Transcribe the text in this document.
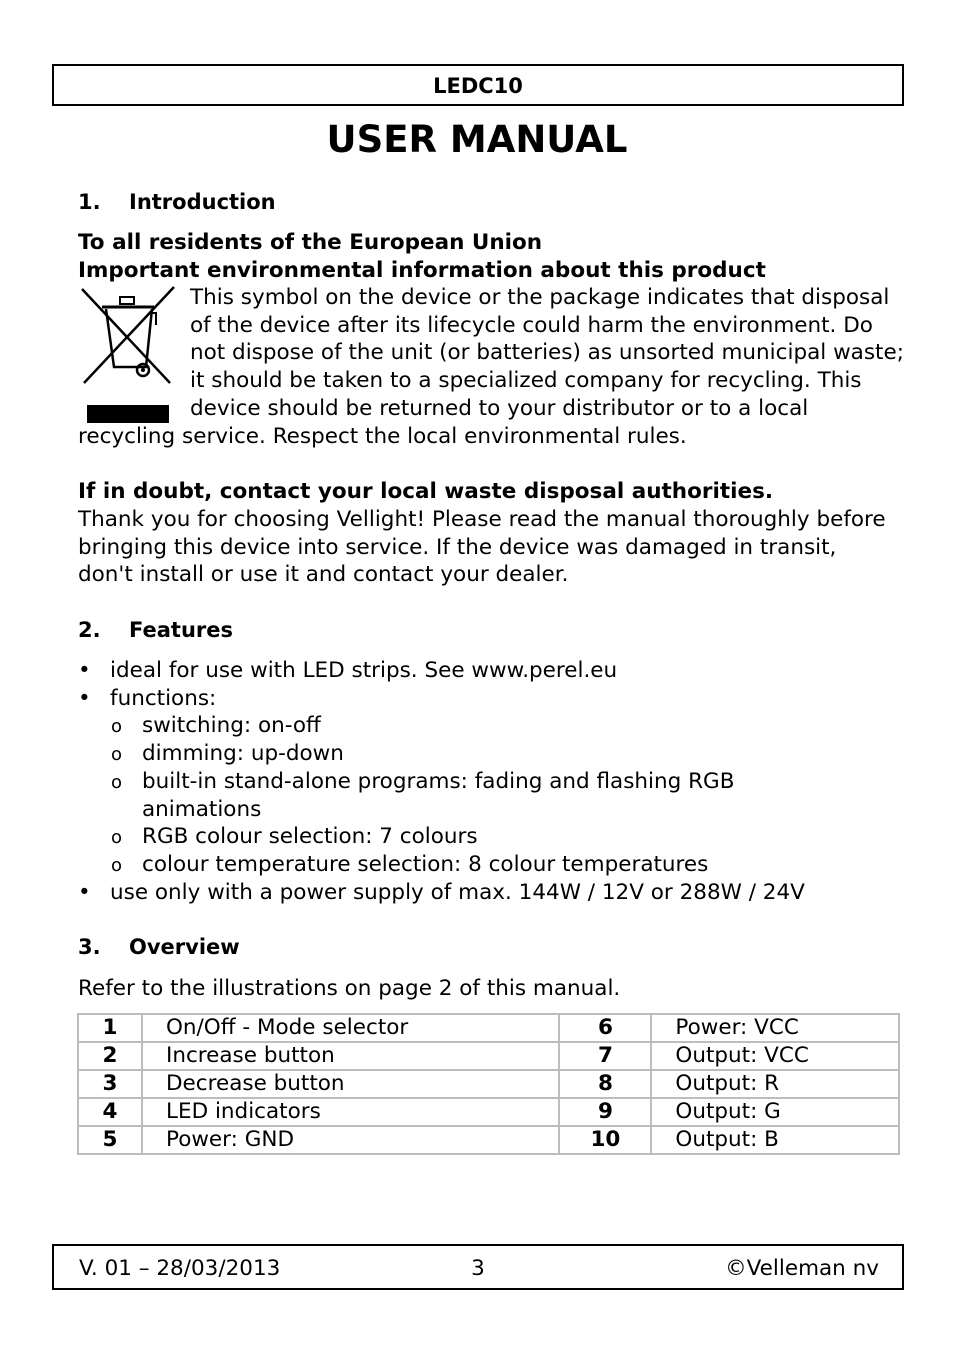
LEDC10
USER MANUAL
1. Introduction
To all residents of the European Union
Important environmental information about this product
This symbol on the device or the package indicates that disposal of the device after its lifecycle could harm the environment. Do not dispose of the unit (or batteries) as unsorted municipal waste; it should be taken to a specialized company for recycling. This device should be returned to your distributor or to a local recycling service. Respect the local environmental rules.
If in doubt, contact your local waste disposal authorities.
Thank you for choosing Vellight! Please read the manual thoroughly before bringing this device into service. If the device was damaged in transit, don't install or use it and contact your dealer.
2. Features
• ideal for use with LED strips. See www.perel.eu
• functions:
o switching: on-off
o dimming: up-down
o built-in stand-alone programs: fading and flashing RGB
animations
o RGB colour selection: 7 colours
o colour temperature selection: 8 colour temperatures
• use only with a power supply of max. 144W / 12V or 288W / 24V
3. Overview
Refer to the illustrations on page 2 of this manual.
1	On/Off - Mode selector	6	Power: VCC
2	Increase button	7	Output: VCC
3	Decrease button	8	Output: R
4	LED indicators	9	Output: G
5	Power: GND	10	Output: B
3
V. 01 – 28/03/2013	©Velleman nv
